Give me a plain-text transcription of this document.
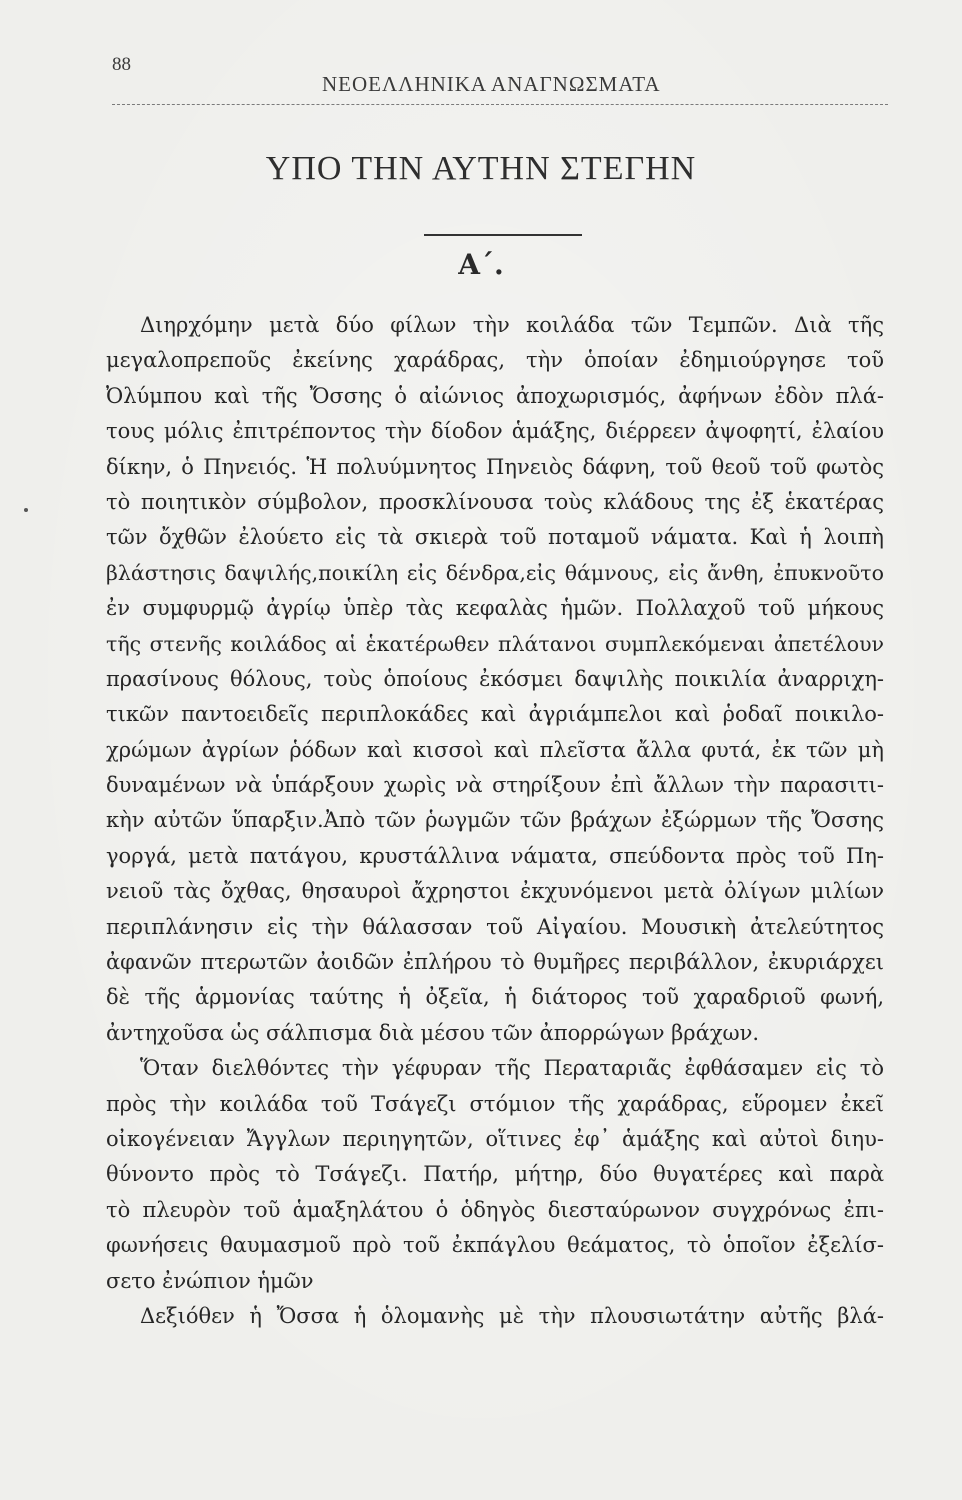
88
ΝΕΟΕΛΛΗΝΙΚΑ ΑΝΑΓΝΩΣΜΑΤΑ
ΥΠΟ ΤΗΝ ΑΥΤΗΝ ΣΤΕΓΗΝ
Α΄.
Διηρχόμην μετὰ δύο φίλων τὴν κοιλάδα τῶν Τεμπῶν. Διὰ τῆς
μεγαλοπρεποῦς ἐκείνης χαράδρας, τὴν ὁποίαν ἐδημιούργησε τοῦ
Ὀλύμπου καὶ τῆς Ὄσσης ὁ αἰώνιος ἀποχωρισμός, ἀφήνων ἐδὸν πλά-
τους μόλις ἐπιτρέποντος τὴν δίοδον ἁμάξης, διέρρεεν ἀψοφητί, ἐλαίου
δίκην, ὁ Πηνειός. Ἡ πολυύμνητος Πηνειὸς δάφνη, τοῦ θεοῦ τοῦ φωτὸς
τὸ ποιητικὸν σύμβολον, προσκλίνουσα τοὺς κλάδους της ἐξ ἑκατέρας
τῶν ὄχθῶν ἐλούετο εἰς τὰ σκιερὰ τοῦ ποταμοῦ νάματα. Καὶ ἡ λοιπὴ
βλάστησις δαψιλής,ποικίλη εἰς δένδρα,εἰς θάμνους, εἰς ἄνθη, ἐπυκνοῦτο
ἐν συμφυρμῷ ἀγρίῳ ὑπὲρ τὰς κεφαλὰς ἡμῶν. Πολλαχοῦ τοῦ μήκους
τῆς στενῆς κοιλάδος αἱ ἑκατέρωθεν πλάτανοι συμπλεκόμεναι ἀπετέλουν
πρασίνους θόλους, τοὺς ὁποίους ἐκόσμει δαψιλὴς ποικιλία ἀναρριχη-
τικῶν παντοειδεῖς περιπλοκάδες καὶ ἀγριάμπελοι καὶ ῥοδαῖ ποικιλο-
χρώμων ἀγρίων ῥόδων καὶ κισσοὶ καὶ πλεῖστα ἄλλα φυτά, ἐκ τῶν μὴ
δυναμένων νὰ ὑπάρξουν χωρὶς νὰ στηρίξουν ἐπὶ ἄλλων τὴν παρασιτι-
κὴν αὐτῶν ὕπαρξιν.Ἀπὸ τῶν ῥωγμῶν τῶν βράχων ἐξώρμων τῆς Ὄσσης
γοργά, μετὰ πατάγου, κρυστάλλινα νάματα, σπεύδοντα πρὸς τοῦ Πη-
νειοῦ τὰς ὄχθας, θησαυροὶ ἄχρηστοι ἐκχυνόμενοι μετὰ ὀλίγων μιλίων
περιπλάνησιν εἰς τὴν θάλασσαν τοῦ Αἰγαίου. Μουσικὴ ἀτελεύτητος
ἀφανῶν πτερωτῶν ἀοιδῶν ἐπλήρου τὸ θυμῆρες περιβάλλον, ἐκυριάρχει
δὲ τῆς ἁρμονίας ταύτης ἡ ὀξεῖα, ἡ διάτορος τοῦ χαραδριοῦ φωνή,
ἀντηχοῦσα ὡς σάλπισμα διὰ μέσου τῶν ἀπορρώγων βράχων.
Ὅταν διελθόντες τὴν γέφυραν τῆς Περαταριᾶς ἐφθάσαμεν εἰς τὸ
πρὸς τὴν κοιλάδα τοῦ Τσάγεζι στόμιον τῆς χαράδρας, εὕρομεν ἐκεῖ
οἰκογένειαν Ἄγγλων περιηγητῶν, οἵτινες ἐφ᾽ ἁμάξης καὶ αὐτοὶ διηυ-
θύνοντο πρὸς τὸ Τσάγεζι. Πατήρ, μήτηρ, δύο θυγατέρες καὶ παρὰ
τὸ πλευρὸν τοῦ ἁμαξηλάτου ὁ ὁδηγὸς διεσταύρωνον συγχρόνως ἐπι-
φωνήσεις θαυμασμοῦ πρὸ τοῦ ἐκπάγλου θεάματος, τὸ ὁποῖον ἐξελίσ-
σετο ἐνώπιον ἡμῶν
Δεξιόθεν ἡ Ὄσσα ἡ ὁλομανὴς μὲ τὴν πλουσιωτάτην αὐτῆς βλά-
